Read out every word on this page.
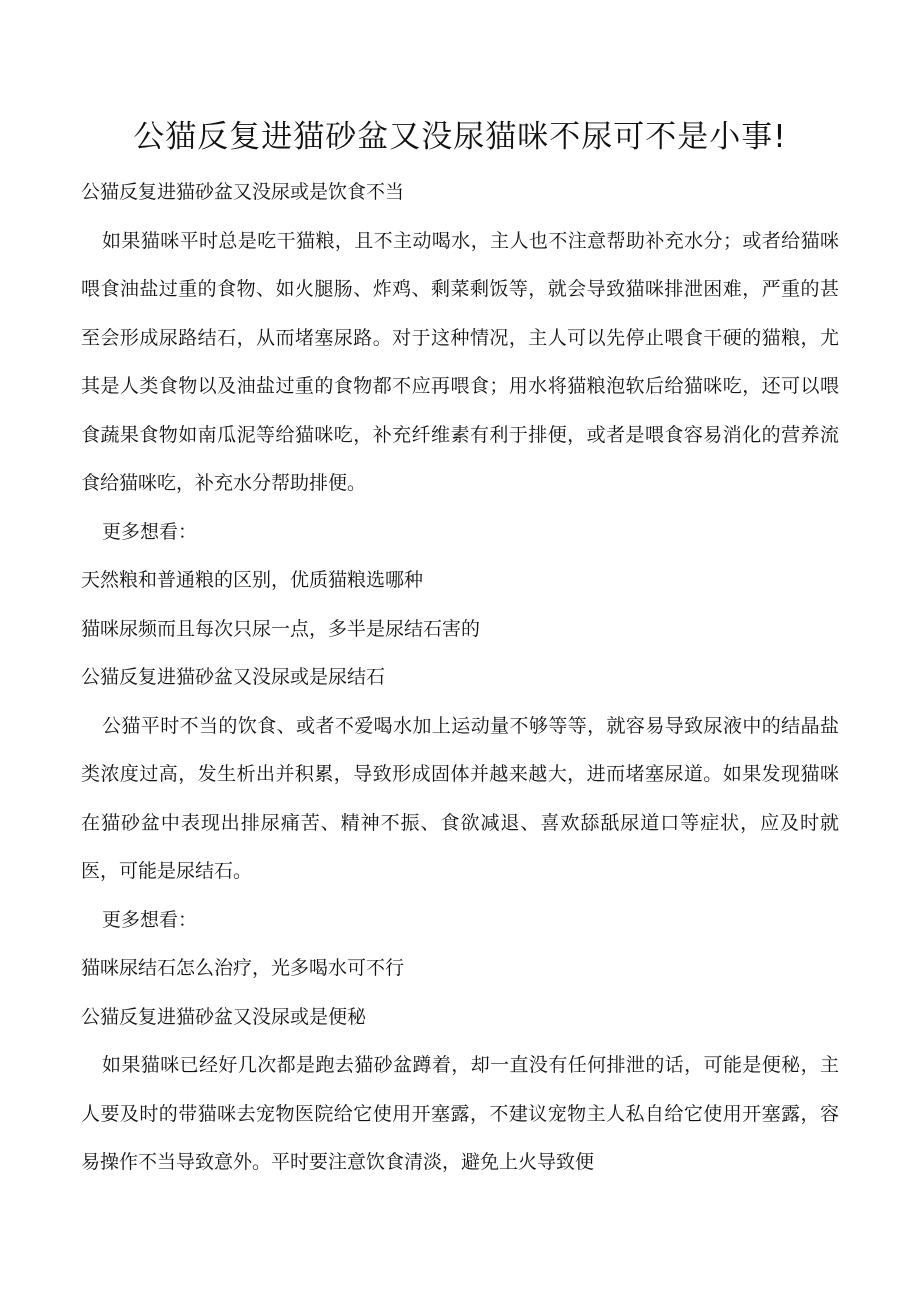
公猫反复进猫砂盆又没尿猫咪不尿可不是小事!

公猫反复进猫砂盆又没尿或是饮食不当

如果猫咪平时总是吃干猫粮，且不主动喝水，主人也不注意帮助补充水分；或者给猫咪喂食油盐过重的食物、如火腿肠、炸鸡、剩菜剩饭等，就会导致猫咪排泄困难，严重的甚至会形成尿路结石，从而堵塞尿路。对于这种情况，主人可以先停止喂食干硬的猫粮，尤其是人类食物以及油盐过重的食物都不应再喂食；用水将猫粮泡软后给猫咪吃，还可以喂食蔬果食物如南瓜泥等给猫咪吃，补充纤维素有利于排便，或者是喂食容易消化的营养流食给猫咪吃，补充水分帮助排便。

更多想看：

天然粮和普通粮的区别，优质猫粮选哪种

猫咪尿频而且每次只尿一点，多半是尿结石害的

公猫反复进猫砂盆又没尿或是尿结石

公猫平时不当的饮食、或者不爱喝水加上运动量不够等等，就容易导致尿液中的结晶盐类浓度过高，发生析出并积累，导致形成固体并越来越大，进而堵塞尿道。如果发现猫咪在猫砂盆中表现出排尿痛苦、精神不振、食欲减退、喜欢舔舐尿道口等症状，应及时就医，可能是尿结石。

更多想看：

猫咪尿结石怎么治疗，光多喝水可不行

公猫反复进猫砂盆又没尿或是便秘

如果猫咪已经好几次都是跑去猫砂盆蹲着，却一直没有任何排泄的话，可能是便秘，主人要及时的带猫咪去宠物医院给它使用开塞露，不建议宠物主人私自给它使用开塞露，容易操作不当导致意外。平时要注意饮食清淡，避免上火导致便
